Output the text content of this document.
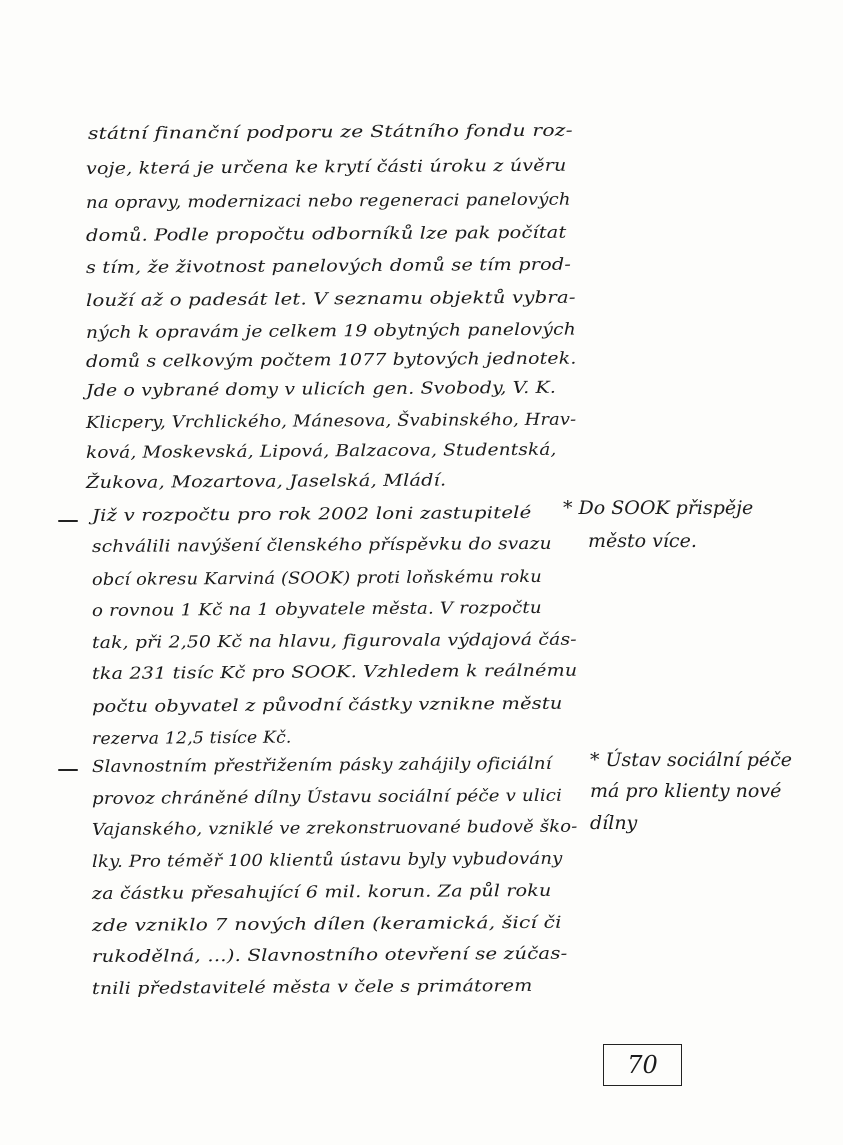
státní finanční podporu ze Státního fondu roz-
voje, která je určena ke krytí části úroku z úvěru
na opravy, modernizaci nebo regeneraci panelových
domů. Podle propočtu odborníků lze pak počítat
s tím, že životnost panelových domů se tím prod-
louží až o padesát let. V seznamu objektů vybra-
ných k opravám je celkem 19 obytných panelových
domů s celkovým počtem 1077 bytových jednotek.
Jde o vybrané domy v ulicích gen. Svobody, V. K.
Klicpery, Vrchlického, Mánesova, Švabinského, Hrav-
ková, Moskevská, Lipová, Balzacova, Studentská,
Žukova, Mozartova, Jaselská, Mládí.
Již v rozpočtu pro rok 2002 loni zastupitelé
schválili navýšení členského příspěvku do svazu
obcí okresu Karviná (SOOK) proti loňskému roku
o rovnou 1 Kč na 1 obyvatele města. V rozpočtu
tak, při 2,50 Kč na hlavu, figurovala výdajová čás-
tka 231 tisíc Kč pro SOOK. Vzhledem k reálnému
počtu obyvatel z původní částky vznikne městu
rezerva 12,5 tisíce Kč.
Slavnostním přestřižením pásky zahájily oficiální
provoz chráněné dílny Ústavu sociální péče v ulici
Vajanského, vzniklé ve zrekonstruované budově ško-
lky. Pro téměř 100 klientů ústavu byly vybudovány
za částku přesahující 6 mil. korun. Za půl roku
zde vzniklo 7 nových dílen (keramická, šicí či
rukodělná, ...). Slavnostního otevření se zúčas-
tnili představitelé města v čele s primátorem
* Do SOOK přispěje
město více.
* Ústav sociální péče
má pro klienty nové
dílny
70
